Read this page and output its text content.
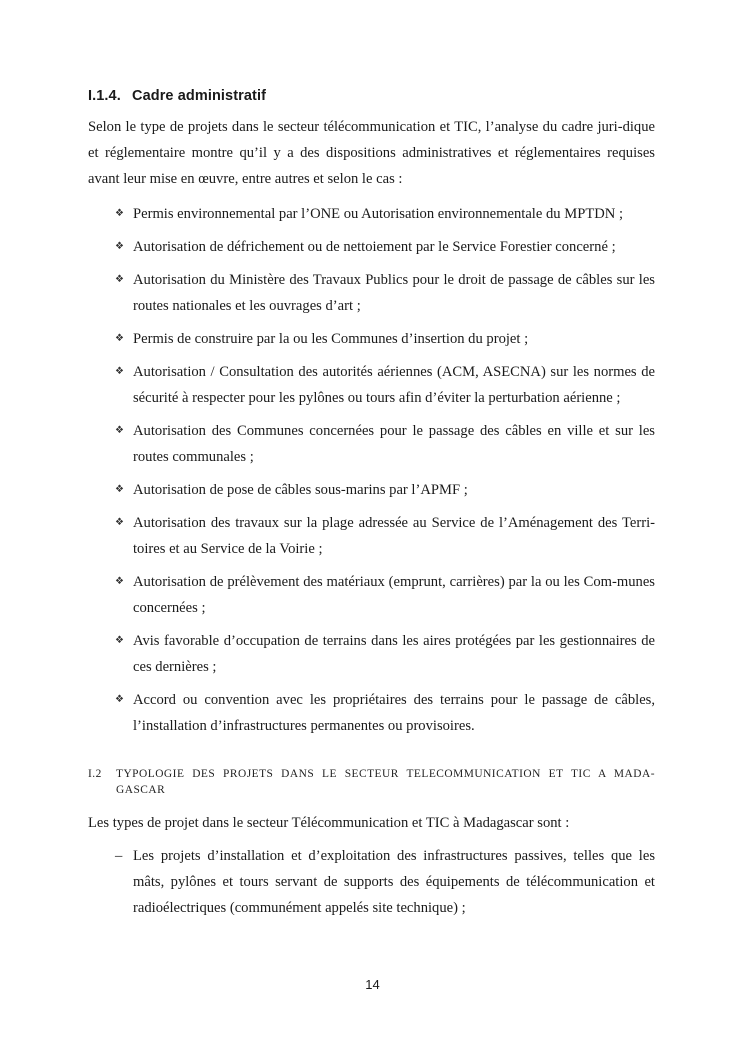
I.1.4. Cadre administratif

Selon le type de projets dans le secteur télécommunication et TIC, l’analyse du cadre juri-dique et réglementaire montre qu’il y a des dispositions administratives et réglementaires requises avant leur mise en œuvre, entre autres et selon le cas :

❖ Permis environnemental par l’ONE ou Autorisation environnementale du MPTDN ;
❖ Autorisation de défrichement ou de nettoiement par le Service Forestier concerné ;
❖ Autorisation du Ministère des Travaux Publics pour le droit de passage de câbles sur les routes nationales et les ouvrages d’art ;
❖ Permis de construire par la ou les Communes d’insertion du projet ;
❖ Autorisation / Consultation des autorités aériennes (ACM, ASECNA) sur les normes de sécurité à respecter pour les pylônes ou tours afin d’éviter la perturbation aérienne ;
❖ Autorisation des Communes concernées pour le passage des câbles en ville et sur les routes communales ;
❖ Autorisation de pose de câbles sous-marins par l’APMF ;
❖ Autorisation des travaux sur la plage adressée au Service de l’Aménagement des Terri-toires et au Service de la Voirie ;
❖ Autorisation de prélèvement des matériaux (emprunt, carrières) par la ou les Com-munes concernées ;
❖ Avis favorable d’occupation de terrains dans les aires protégées par les gestionnaires de ces dernières ;
❖ Accord ou convention avec les propriétaires des terrains pour le passage de câbles, l’installation d’infrastructures permanentes ou provisoires.
I.2	TYPOLOGIE DES PROJETS DANS LE SECTEUR TELECOMMUNICATION ET TIC A MADA-GASCAR

Les types de projet dans le secteur Télécommunication et TIC à Madagascar sont :

– Les projets d’installation et d’exploitation des infrastructures passives, telles que les mâts, pylônes et tours servant de supports des équipements de télécommunication et radioélectriques (communément appelés site technique) ;
14
